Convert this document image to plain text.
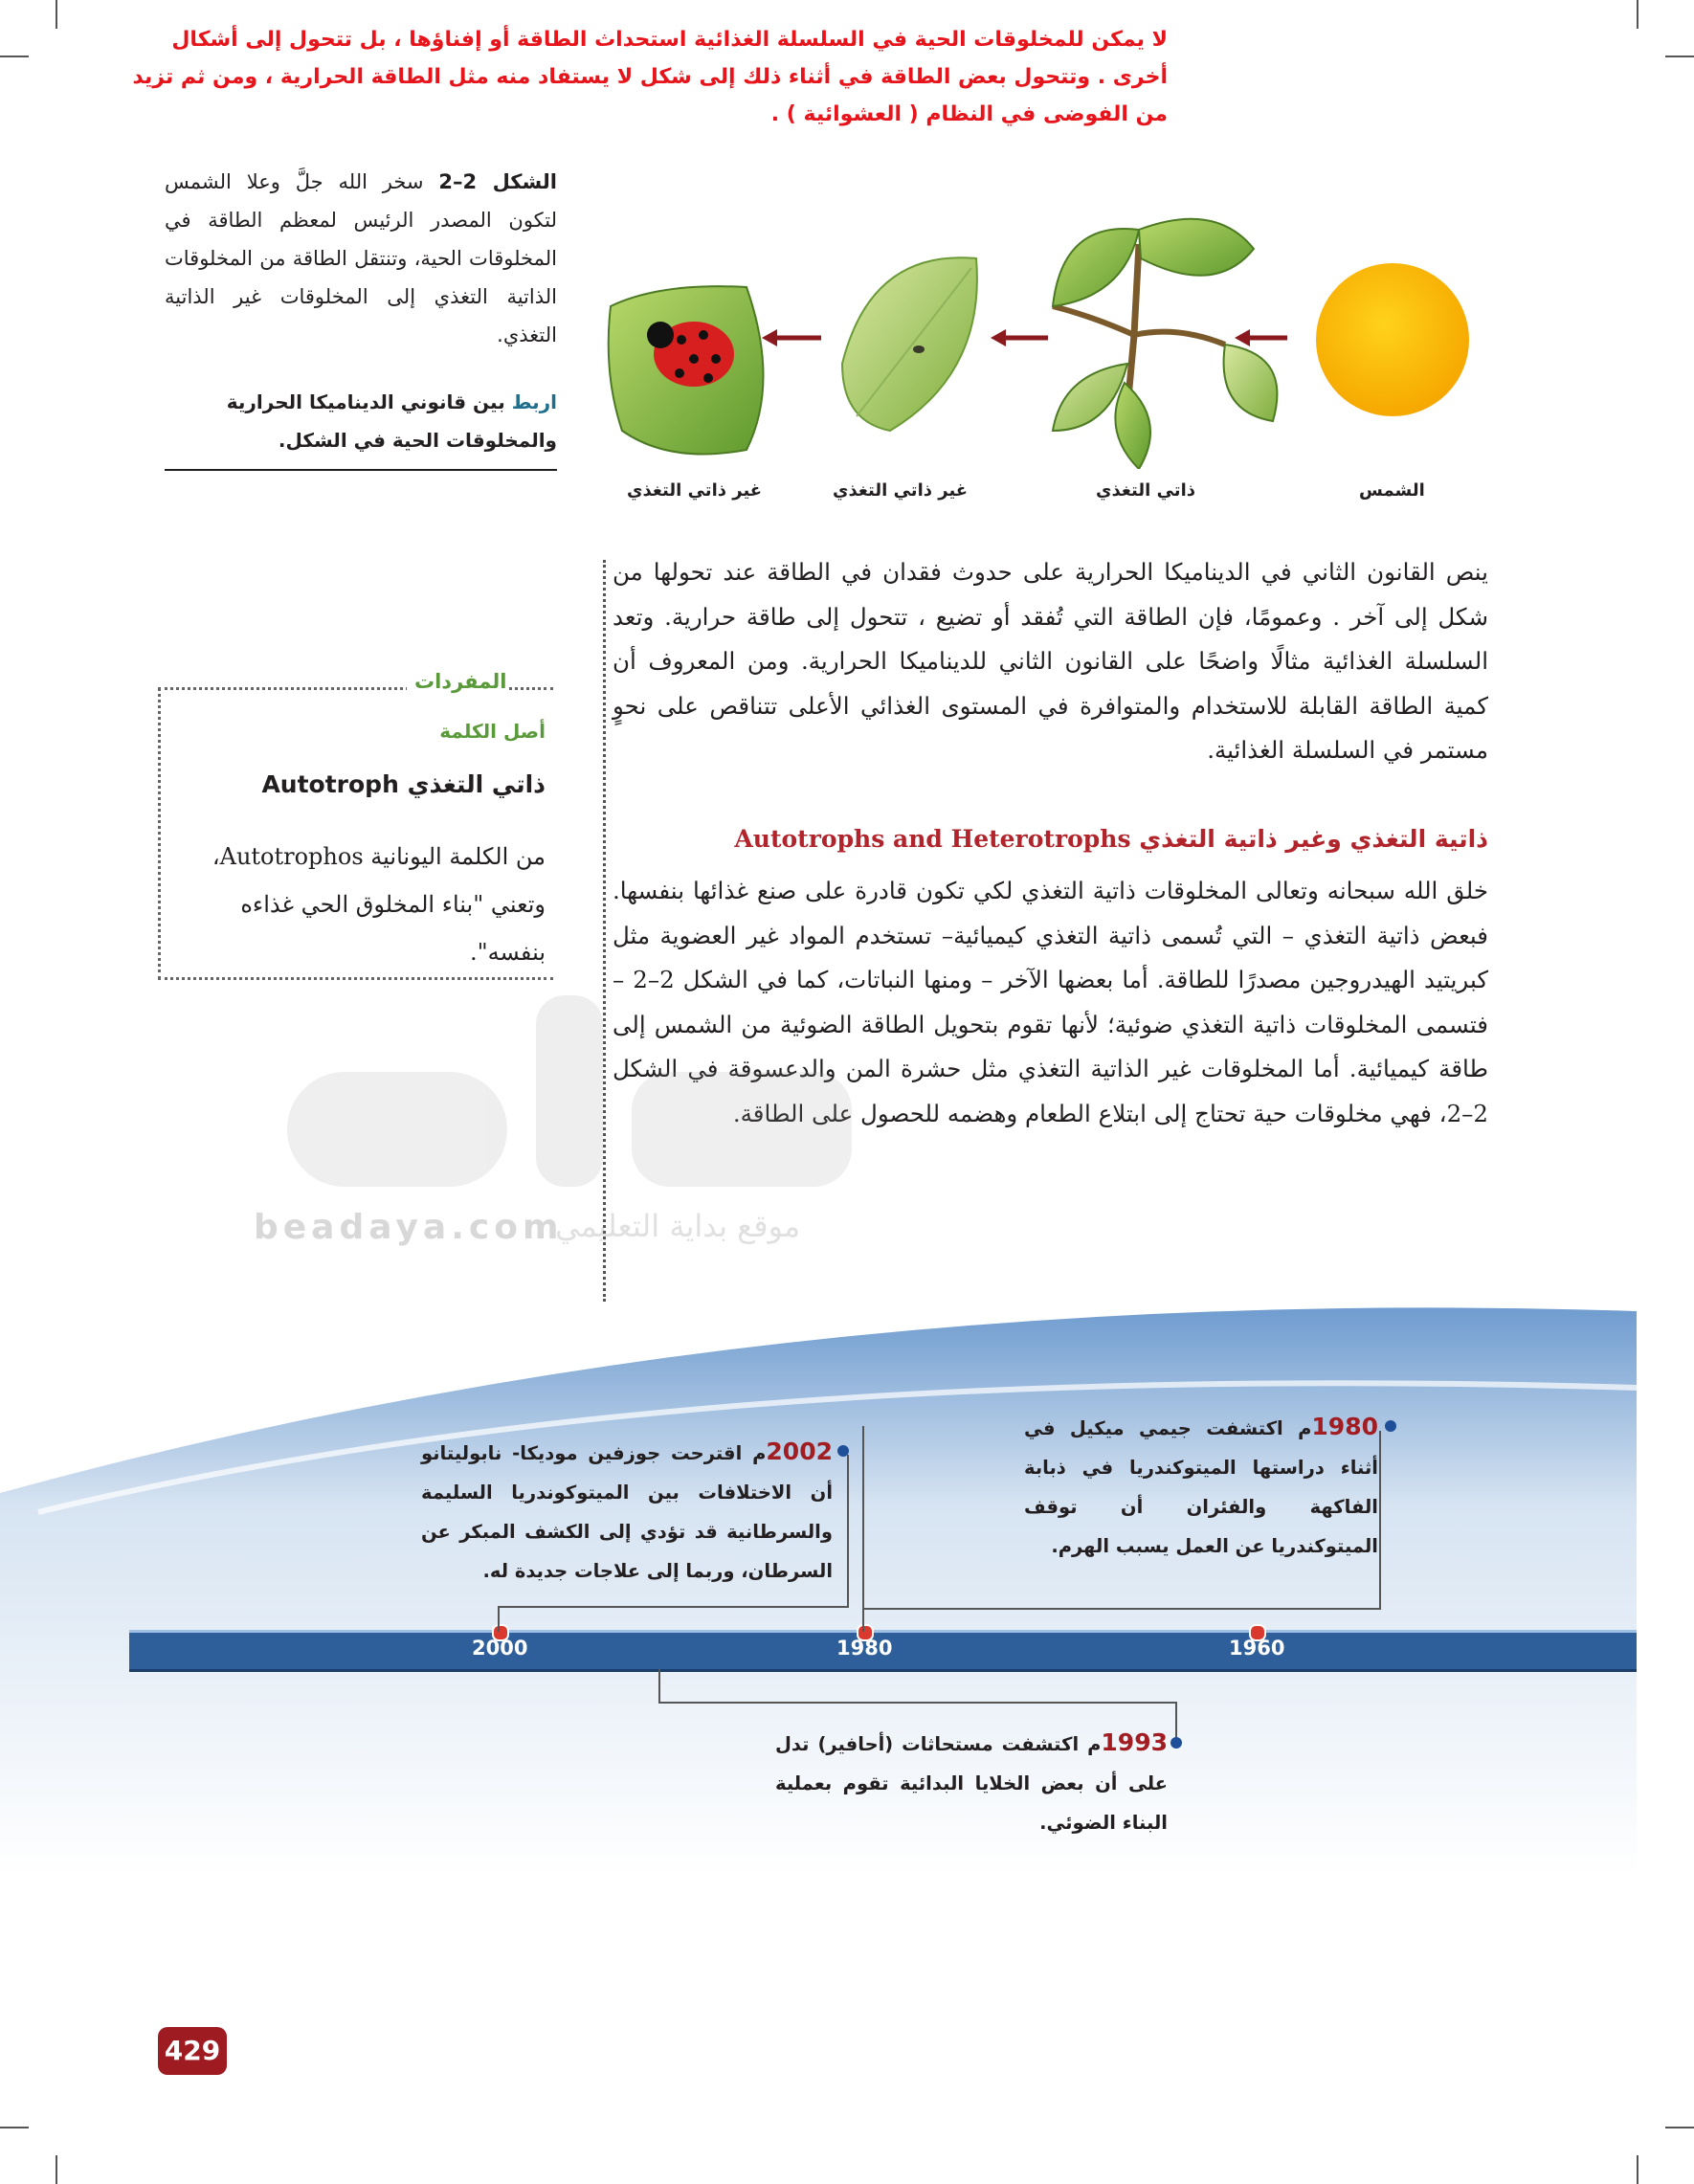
لا يمكن للمخلوقات الحية في السلسلة الغذائية استحداث الطاقة أو إفناؤها ، بل تتحول إلى أشكال أخرى . وتتحول بعض الطاقة في أثناء ذلك إلى شكل لا يستفاد منه مثل الطاقة الحرارية ، ومن ثم تزيد من الفوضى في النظام ( العشوائية ) .
الشكل 2–2 سخر الله جلَّ وعلا الشمس لتكون المصدر الرئيس لمعظم الطاقة في المخلوقات الحية، وتنتقل الطاقة من المخلوقات الذاتية التغذي إلى المخلوقات غير الذاتية التغذي.
اربط بين قانوني الديناميكا الحرارية والمخلوقات الحية في الشكل.
الشمس
ذاتي التغذي
غير ذاتي التغذي
غير ذاتي التغذي
المفردات
أصل الكلمة
ذاتي التغذي Autotroph
من الكلمة اليونانية Autotrophos، وتعني "بناء المخلوق الحي غذاءه بنفسه".
ينص القانون الثاني في الديناميكا الحرارية على حدوث فقدان في الطاقة عند تحولها من شكل إلى آخر . وعمومًا، فإن الطاقة التي تُفقد أو تضيع ، تتحول إلى طاقة حرارية. وتعد السلسلة الغذائية مثالًا واضحًا على القانون الثاني للديناميكا الحرارية. ومن المعروف أن كمية الطاقة القابلة للاستخدام والمتوافرة في المستوى الغذائي الأعلى تتناقص على نحوٍ مستمر في السلسلة الغذائية.
ذاتية التغذي وغير ذاتية التغذي Autotrophs and Heterotrophs
خلق الله سبحانه وتعالى المخلوقات ذاتية التغذي لكي تكون قادرة على صنع غذائها بنفسها. فبعض ذاتية التغذي – التي تُسمى ذاتية التغذي كيميائية– تستخدم المواد غير العضوية مثل كبريتيد الهيدروجين مصدرًا للطاقة. أما بعضها الآخر – ومنها النباتات، كما في الشكل 2–2 –فتسمى المخلوقات ذاتية التغذي ضوئية؛ لأنها تقوم بتحويل الطاقة الضوئية من الشمس إلى طاقة كيميائية. أما المخلوقات غير الذاتية التغذي مثل حشرة المن والدعسوقة في الشكل 2–2، فهي مخلوقات حية تحتاج إلى ابتلاع الطعام وهضمه للحصول على الطاقة.
beadaya.com
موقع بداية التعليمي
2000	1980	1960
1980م اكتشفت جيمي ميكيل في أثناء دراستها الميتوكندريا في ذبابة الفاكهة والفئران أن توقف الميتوكندريا عن العمل يسبب الهرم.
2002م اقترحت جوزفين موديكا- نابوليتانو أن الاختلافات بين الميتوكوندريا السليمة والسرطانية قد تؤدي إلى الكشف المبكر عن السرطان، وربما إلى علاجات جديدة له.
1993م اكتشفت مستحاثات (أحافير) تدل على أن بعض الخلايا البدائية تقوم بعملية البناء الضوئي.
429
